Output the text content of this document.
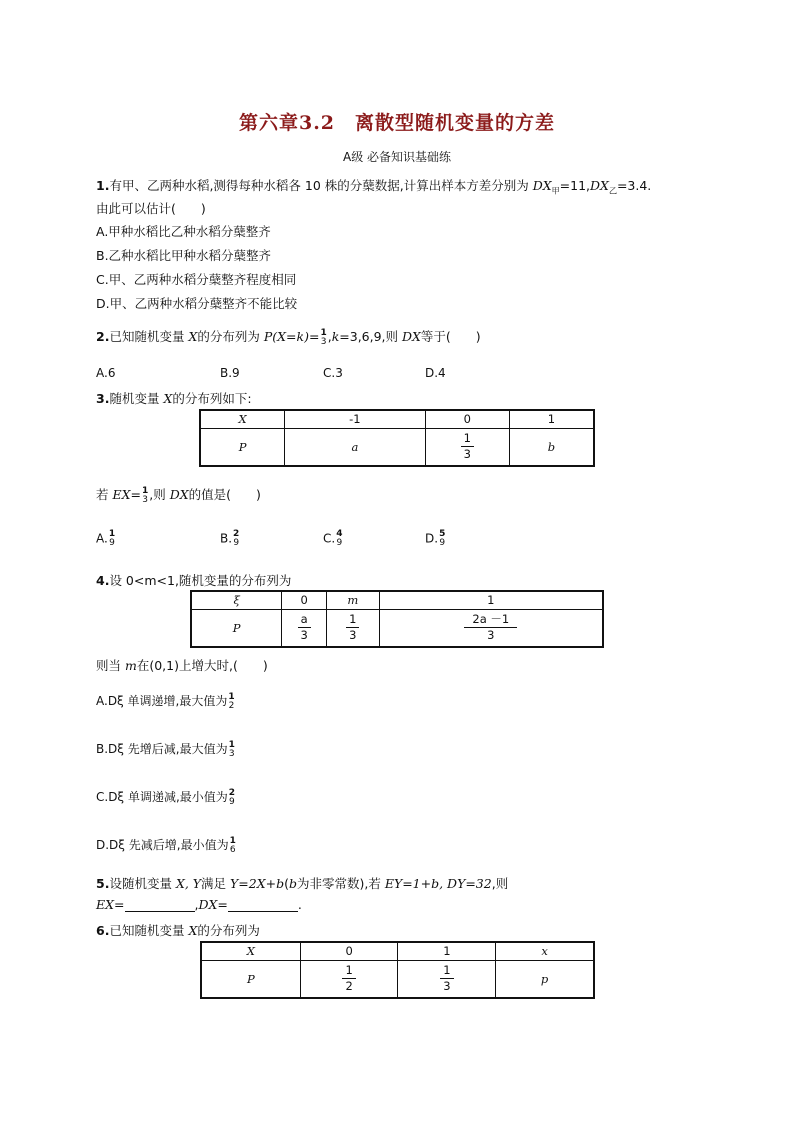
第六章3.2　离散型随机变量的方差
A级 必备知识基础练
1.有甲、乙两种水稻,测得每种水稻各 10 株的分蘖数据,计算出样本方差分别为 $DX_甲=11,DX_乙=3.4$.
由此可以估计(　　)
A.甲种水稻比乙种水稻分蘖整齐
B.乙种水稻比甲种水稻分蘖整齐
C.甲、乙两种水稻分蘖整齐程度相同
D.甲、乙两种水稻分蘖整齐不能比较
2.已知随机变量 X的分布列为 P(X=k)= 1
3 ,k=3,6,9,则 DX等于(　　)
A.6	B.9	C.3	D.4
3.随机变量 X的分布列如下:
X	-1	0	1
P	a	$\frac{1}{3}$	b
若 EX= 1
3 ,则 DX的值是(　　)
A. 1
9	B. 2
9	C. 4
9	D. 5
9
4.设 0<m<1,随机变量的分布列为
ξ	0	m	1
P	$\frac{a}{3}$	$\frac{1}{3}$	$\frac{2a -1}{3}$
则当 m在(0,1)上增大时,(　　)
A.Dξ 单调递增,最大值为 1
2
B.Dξ 先增后减,最大值为 1
3
C.Dξ 单调递减,最小值为 2
9
D.Dξ 先减后增,最小值为 1
6
5.设随机变量 X, Y满足 Y=2X+b(b为非零常数),若 EY=1+b, DY=32,则
EX=	,DX=	.
6.已知随机变量 X的分布列为
X	0	1	x
P	$\frac{1}{2}$	$\frac{1}{3}$	p
